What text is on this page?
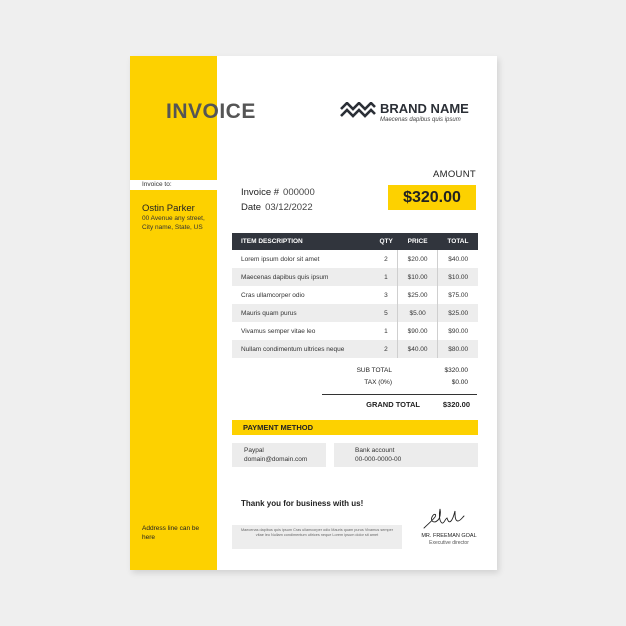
Invoice to:
Ostin Parker
00 Avenue any street, City name, State, US
Address line can be here
INVOICE	BRAND NAME
Maecenas dapibus quis ipsum
AMOUNT
$320.00
Invoice # 000000
Date 03/12/2022
ITEM DESCRIPTION	QTY	PRICE	TOTAL
Lorem ipsum dolor sit amet	2	$20.00	$40.00
Maecenas dapibus quis ipsum	1	$10.00	$10.00
Cras ullamcorper odio	3	$25.00	$75.00
Mauris quam purus	5	$5.00	$25.00
Vivamus semper vitae leo	1	$90.00	$90.00
Nullam condimentum ultrices neque	2	$40.00	$80.00
SUB TOTAL	$320.00
TAX (0%)	$0.00
GRAND TOTAL	$320.00
PAYMENT METHOD
Paypal
domain@domain.com
Bank account
00-000-0000-00
Thank you for business with us!
Maecenas dapibus quis ipsum Cras ullamcorper odio Mauris quam purus Vivamus semper vitae leo Nullam condimentum ultrices neque Lorem ipsum dolor sit amet	MR. FREEMAN GOAL
Executive director
